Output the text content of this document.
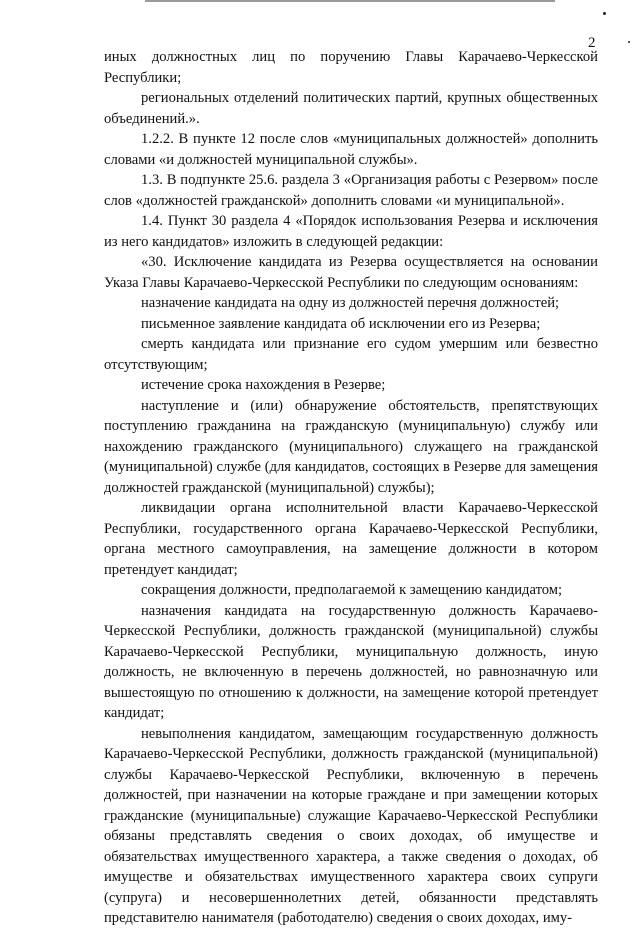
2

иных должностных лиц по поручению Главы Карачаево-Черкесской Республики;

региональных отделений политических партий, крупных общественных объединений.».

1.2.2. В пункте 12 после слов «муниципальных должностей» дополнить словами «и должностей муниципальной службы».

1.3. В подпункте 25.6. раздела 3 «Организация работы с Резервом» после слов «должностей гражданской» дополнить словами «и муниципальной».

1.4. Пункт 30 раздела 4 «Порядок использования Резерва и исключения из него кандидатов» изложить в следующей редакции:

«30. Исключение кандидата из Резерва осуществляется на основании Указа Главы Карачаево-Черкесской Республики по следующим основаниям:

назначение кандидата на одну из должностей перечня должностей;

письменное заявление кандидата об исключении его из Резерва;

смерть кандидата или признание его судом умершим или безвестно отсутствующим;

истечение срока нахождения в Резерве;

наступление и (или) обнаружение обстоятельств, препятствующих поступлению гражданина на гражданскую (муниципальную) службу или нахождению гражданского (муниципального) служащего на гражданской (муниципальной) службе (для кандидатов, состоящих в Резерве для замещения должностей гражданской (муниципальной) службы);

ликвидации органа исполнительной власти Карачаево-Черкесской Республики, государственного органа Карачаево-Черкесской Республики, органа местного самоуправления, на замещение должности в котором претендует кандидат;

сокращения должности, предполагаемой к замещению кандидатом;

назначения кандидата на государственную должность Карачаево-Черкесской Республики, должность гражданской (муниципальной) службы Карачаево-Черкесской Республики, муниципальную должность, иную должность, не включенную в перечень должностей, но равнозначную или вышестоящую по отношению к должности, на замещение которой претендует кандидат;

невыполнения кандидатом, замещающим государственную должность Карачаево-Черкесской Республики, должность гражданской (муниципальной) службы Карачаево-Черкесской Республики, включенную в перечень должностей, при назначении на которые граждане и при замещении которых гражданские (муниципальные) служащие Карачаево-Черкесской Республики обязаны представлять сведения о своих доходах, об имуществе и обязательствах имущественного характера, а также сведения о доходах, об имуществе и обязательствах имущественного характера своих супруги (супруга) и несовершеннолетних детей, обязанности представлять представителю нанимателя (работодателю) сведения о своих доходах, иму-
